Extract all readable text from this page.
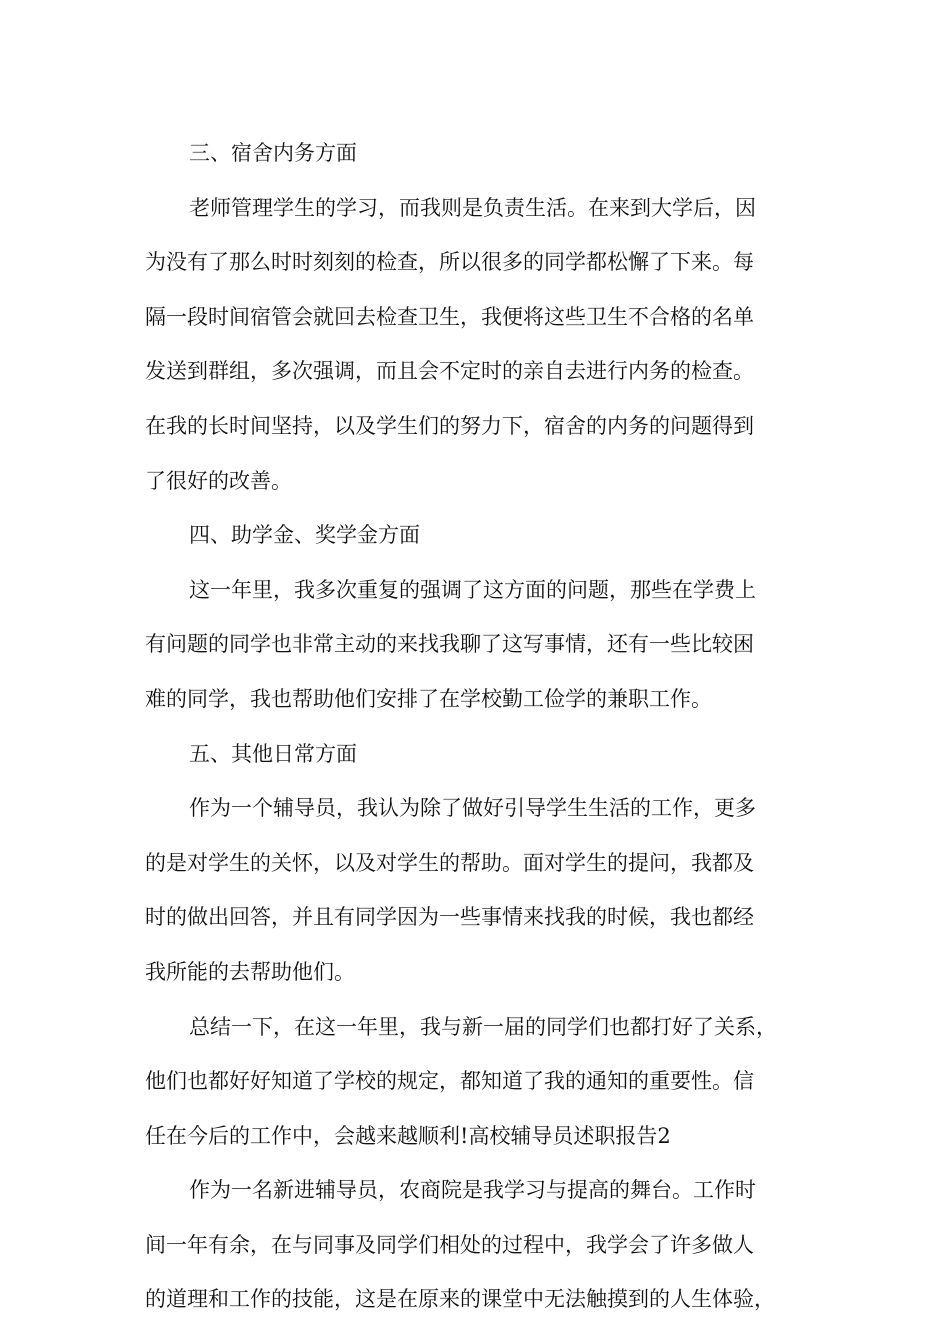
三、宿舍内务方面
老师管理学生的学习，而我则是负责生活。在来到大学后，因
为没有了那么时时刻刻的检查，所以很多的同学都松懈了下来。每
隔一段时间宿管会就回去检查卫生，我便将这些卫生不合格的名单
发送到群组，多次强调，而且会不定时的亲自去进行内务的检查。
在我的长时间坚持，以及学生们的努力下，宿舍的内务的问题得到
了很好的改善。
四、助学金、奖学金方面
这一年里，我多次重复的强调了这方面的问题，那些在学费上
有问题的同学也非常主动的来找我聊了这写事情，还有一些比较困
难的同学，我也帮助他们安排了在学校勤工俭学的兼职工作。
五、其他日常方面
作为一个辅导员，我认为除了做好引导学生生活的工作，更多
的是对学生的关怀，以及对学生的帮助。面对学生的提问，我都及
时的做出回答，并且有同学因为一些事情来找我的时候，我也都经
我所能的去帮助他们。
总结一下，在这一年里，我与新一届的同学们也都打好了关系，
他们也都好好知道了学校的规定，都知道了我的通知的重要性。信
任在今后的工作中，会越来越顺利!高校辅导员述职报告2
作为一名新进辅导员，农商院是我学习与提高的舞台。工作时
间一年有余，在与同事及同学们相处的过程中，我学会了许多做人
的道理和工作的技能，这是在原来的课堂中无法触摸到的人生体验，
